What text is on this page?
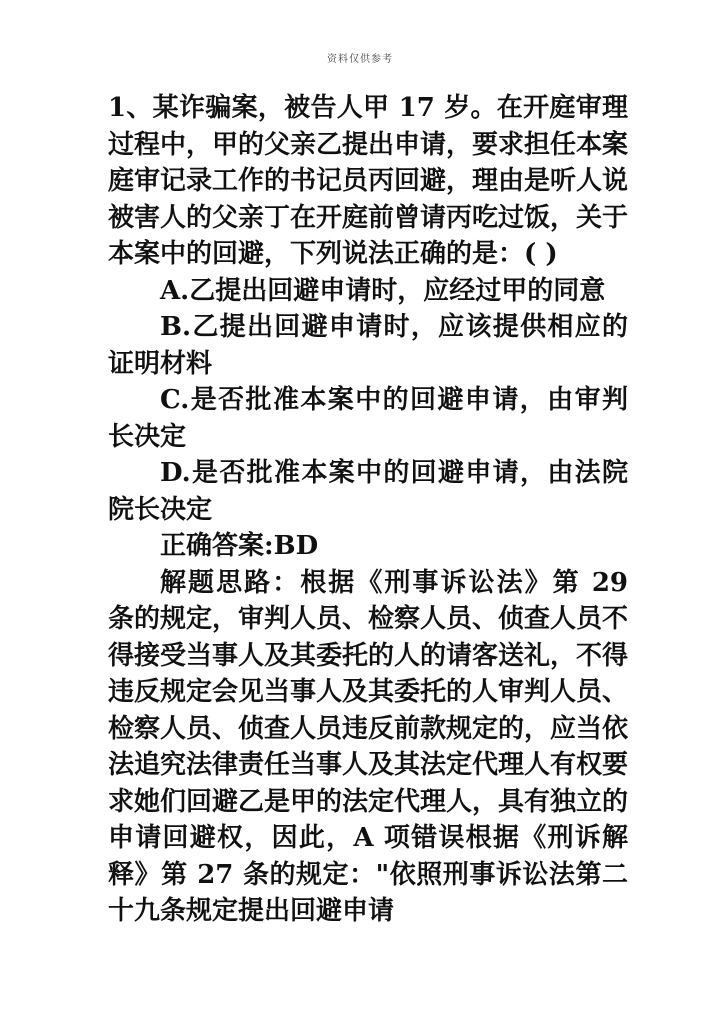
资料仅供参考

1、某诈骗案，被告人甲 17 岁。在开庭审理过程中，甲的父亲乙提出申请，要求担任本案庭审记录工作的书记员丙回避，理由是听人说被害人的父亲丁在开庭前曾请丙吃过饭，关于本案中的回避，下列说法正确的是：( )

A.乙提出回避申请时，应经过甲的同意

B.乙提出回避申请时，应该提供相应的证明材料

C.是否批准本案中的回避申请，由审判长决定

D.是否批准本案中的回避申请，由法院院长决定

正确答案:BD

解题思路：根据《刑事诉讼法》第 29 条的规定，审判人员、检察人员、侦查人员不得接受当事人及其委托的人的请客送礼，不得违反规定会见当事人及其委托的人审判人员、检察人员、侦查人员违反前款规定的，应当依法追究法律责任当事人及其法定代理人有权要求她们回避乙是甲的法定代理人，具有独立的申请回避权，因此，A 项错误根据《刑诉解释》第 27 条的规定："依照刑事诉讼法第二十九条规定提出回避申请
